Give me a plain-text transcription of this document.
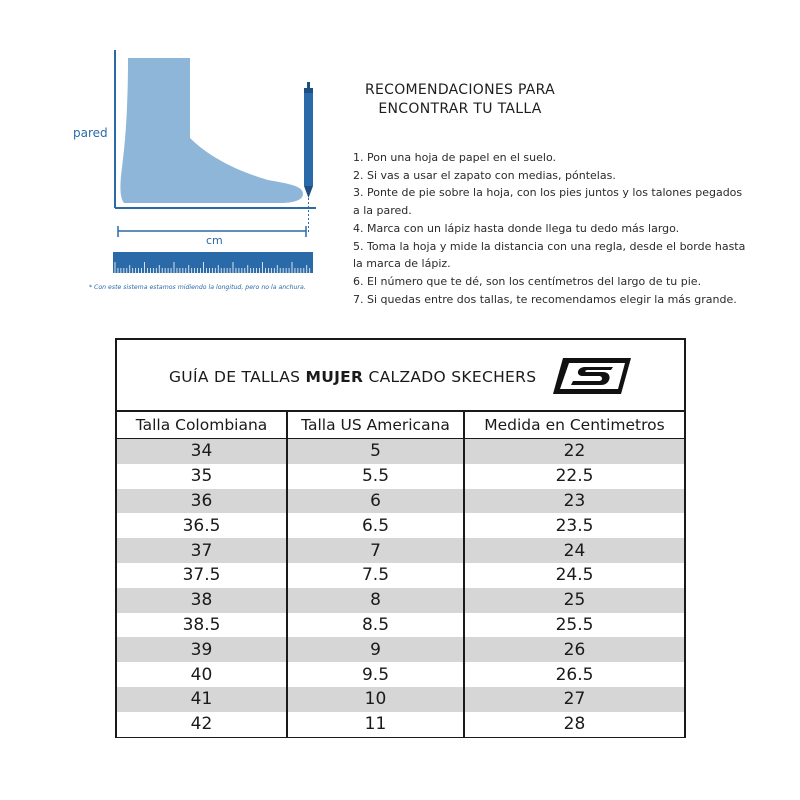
pared
cm
* Con este sistema estamos midiendo la longitud, pero no la anchura.
RECOMENDACIONES PARA
ENCONTRAR TU TALLA
1. Pon una hoja de papel en el suelo.
2. Si vas a usar el zapato con medias, póntelas.
3. Ponte de pie sobre la hoja, con los pies juntos y los talones pegados
a la pared.
4. Marca con un lápiz hasta donde llega tu dedo más largo.
5. Toma la hoja y mide la distancia con una regla, desde el borde hasta
la marca de lápiz.
6. El número que te dé, son los centímetros del largo de tu pie.
7. Si quedas entre dos tallas, te recomendamos elegir la más grande.
GUÍA DE TALLAS MUJER CALZADO SKECHERS
Talla Colombiana	Talla US Americana	Medida en Centimetros
34	5	22
35	5.5	22.5
36	6	23
36.5	6.5	23.5
37	7	24
37.5	7.5	24.5
38	8	25
38.5	8.5	25.5
39	9	26
40	9.5	26.5
41	10	27
42	11	28
